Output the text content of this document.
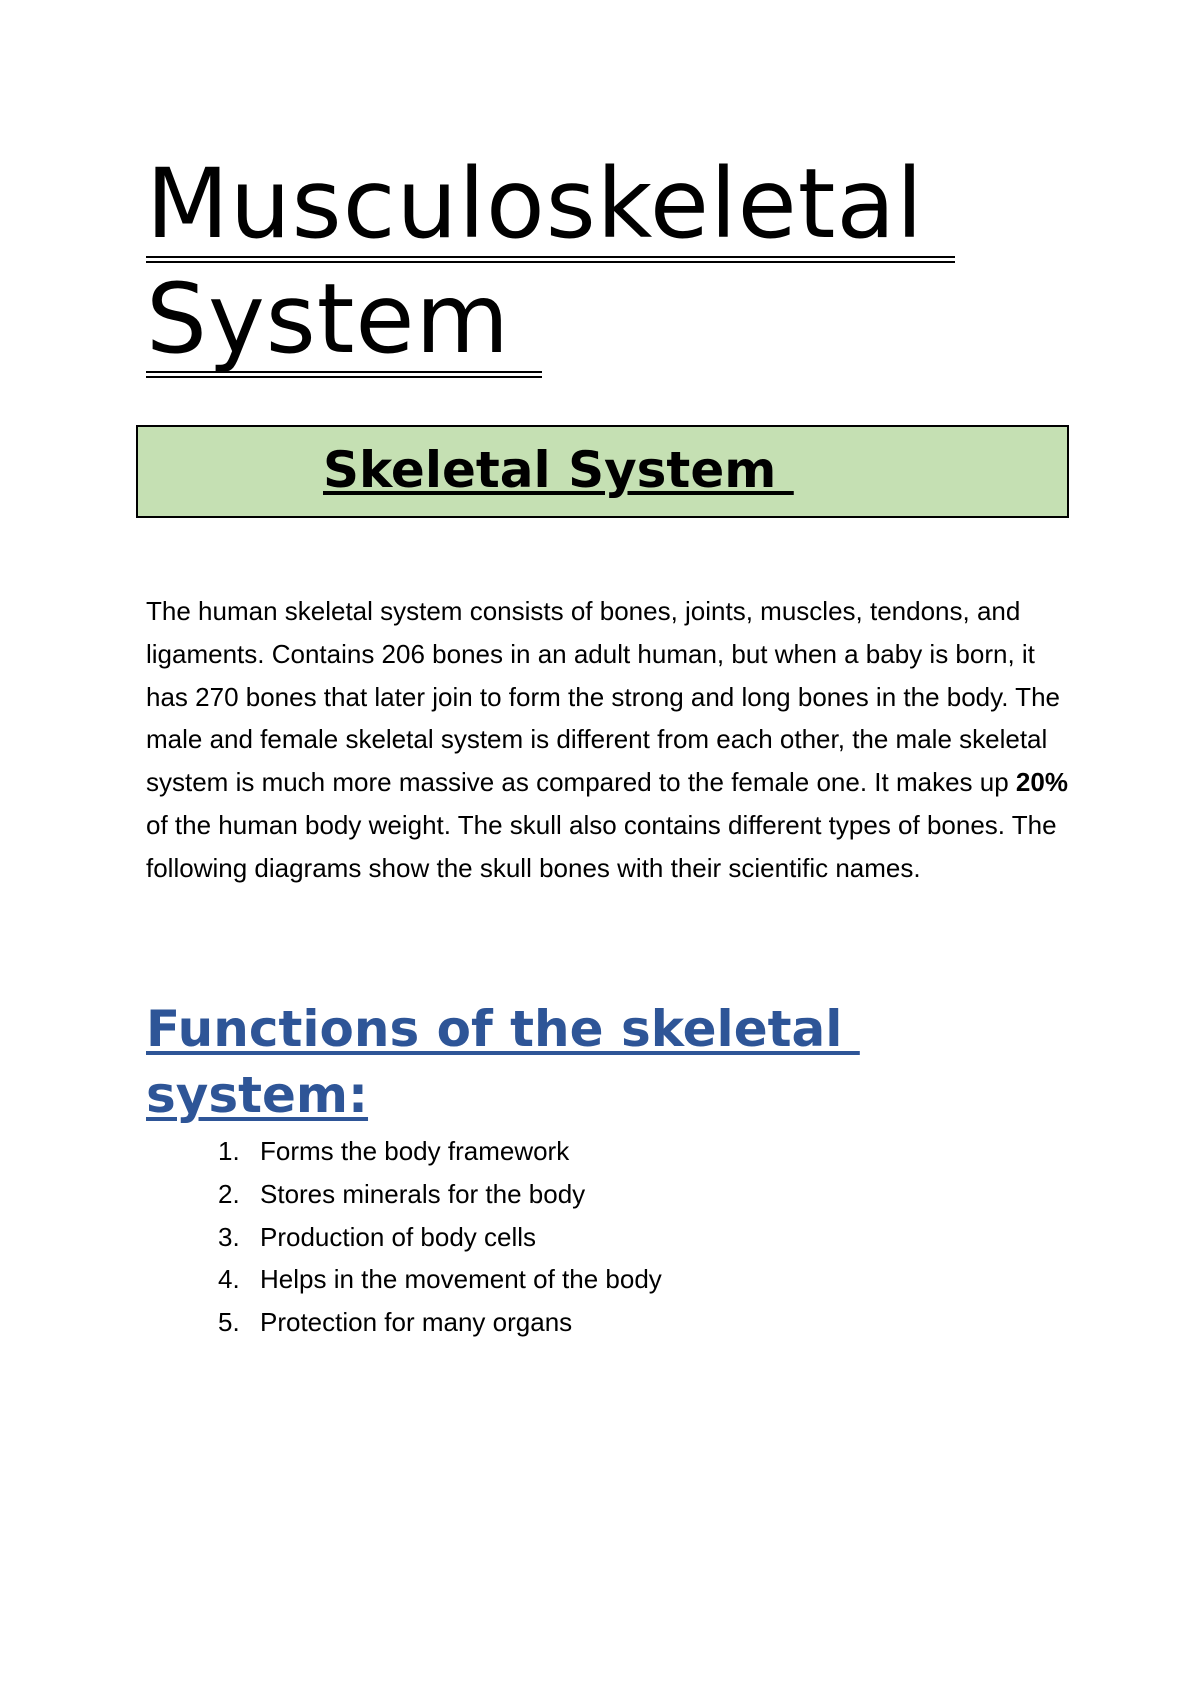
Musculoskeletal
System
Skeletal System

The human skeletal system consists of bones, joints, muscles, tendons, and ligaments. Contains 206 bones in an adult human, but when a baby is born, it has 270 bones that later join to form the strong and long bones in the body. The male and female skeletal system is different from each other, the male skeletal system is much more massive as compared to the female one. It makes up 20% of the human body weight. The skull also contains different types of bones. The following diagrams show the skull bones with their scientific names.

Functions of the skeletal
system:
1. Forms the body framework
2. Stores minerals for the body
3. Production of body cells
4. Helps in the movement of the body
5. Protection for many organs
